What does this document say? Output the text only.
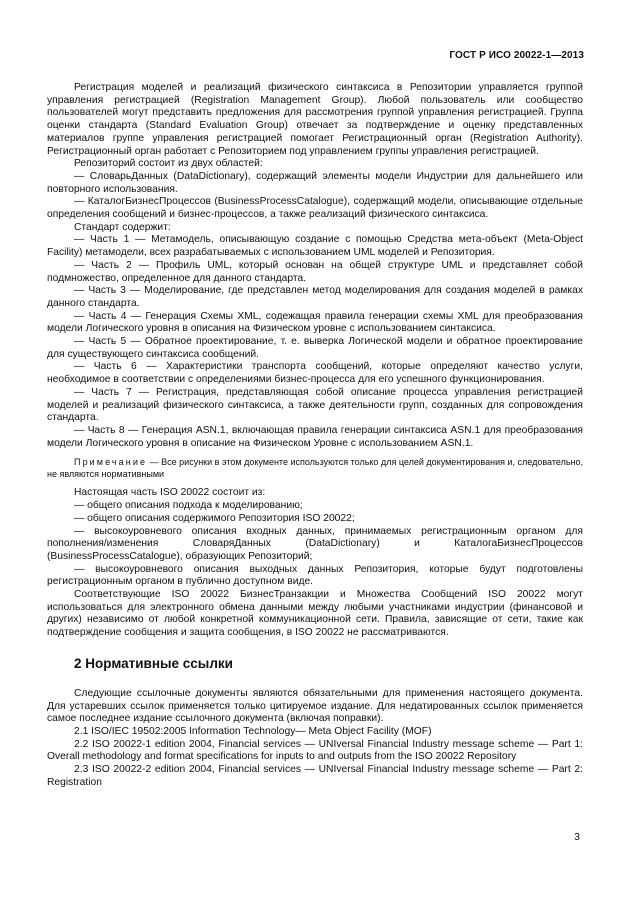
ГОСТ Р ИСО 20022-1—2013

Регистрация моделей и реализаций физического синтаксиса в Репозитории управляется группой управления регистрацией (Registration Management Group). Любой пользователь или сообщество пользователей могут представить предложения для рассмотрения группой управления регистрацией. Группа оценки стандарта (Standard Evaluation Group) отвечает за подтверждение и оценку представленных материалов группе управления регистрацией помогает Регистрационный орган (Registration Authority). Регистрационный орган работает с Репозиторием под управлением группы управления регистрацией.

Репозиторий состоит из двух областей:

— СловарьДанных (DataDictionary), содержащий элементы модели Индустрии для дальнейшего или повторного использования.

— КаталогБизнесПроцессов (BusinessProcessCatalogue), содержащий модели, описывающие отдельные определения сообщений и бизнес-процессов, а также реализаций физического синтаксиса.

Стандарт содержит:

— Часть 1 — Метамодель, описывающую создание с помощью Средства мета-объект (Meta-Object Facility) метамодели, всех разрабатываемых с использованием UML моделей и Репозитория.

— Часть 2 — Профиль UML, который основан на общей структуре UML и представляет собой подмножество, определенное для данного стандарта.

— Часть 3 — Моделирование, где представлен метод моделирования для создания моделей в рамках данного стандарта.

— Часть 4 — Генерация Схемы XML, содежащая правила генерации схемы XML для преобразования модели Логического уровня в описания на Физическом уровне с использованием синтаксиса.

— Часть 5 — Обратное проектирование, т. е. выверка Логической модели и обратное проектирование для существующего синтаксиса сообщений.

— Часть 6 — Характеристики транспорта сообщений, которые определяют качество услуги, необходимое в соответствии с определениями бизнес-процесса для его успешного функционирования.

— Часть 7 — Регистрация, представляющая собой описание процесса управления регистрацией моделей и реализаций физического синтаксиса, а также деятельности групп, созданных для сопровождения стандарта.

— Часть 8 — Генерация ASN.1, включающая правила генерации синтаксиса ASN.1 для преобразования модели Логического уровня в описание на Физическом Уровне с использованием ASN.1.

Примечание — Все рисунки в этом документе используются только для целей документирования и, следовательно, не являются нормативными

Настоящая часть ISO 20022 состоит из:

— общего описания подхода к моделированию;

— общего описания содержимого Репозитория ISO 20022;

— высокоуровневого описания входных данных, принимаемых регистрационным органом для пополнения/изменения СловаряДанных (DataDictionary) и КаталогаБизнесПроцессов (BusinessProcessCatalogue), образующих Репозиторий;

— высокоуровневого описания выходных данных Репозитория, которые будут подготовлены регистрационным органом в публично доступном виде.

Соответствующие ISO 20022 БизнесТранзакции и Множества Сообщений ISO 20022 могут использоваться для электронного обмена данными между любыми участниками индустрии (финансовой и других) независимо от любой конкретной коммуникационной сети. Правила, зависящие от сети, такие как подтверждение сообщения и защита сообщения, в ISO 20022 не рассматриваются.

2 Нормативные ссылки

Следующие ссылочные документы являются обязательными для применения настоящего документа. Для устаревших ссылок применяется только цитируемое издание. Для недатированных ссылок применяется самое последнее издание ссылочного документа (включая поправки).

2.1 ISO/IEC 19502:2005 Information Technology— Meta Object Facility (MOF)

2.2 ISO 20022-1 edition 2004, Financial services — UNIversal Financial Industry message scheme — Part 1: Overall methodology and format specifications for inputs to and outputs from the ISO 20022 Repository

2.3 ISO 20022-2 edition 2004, Financial services — UNIversal Financial Industry message scheme — Part 2: Registration

3
